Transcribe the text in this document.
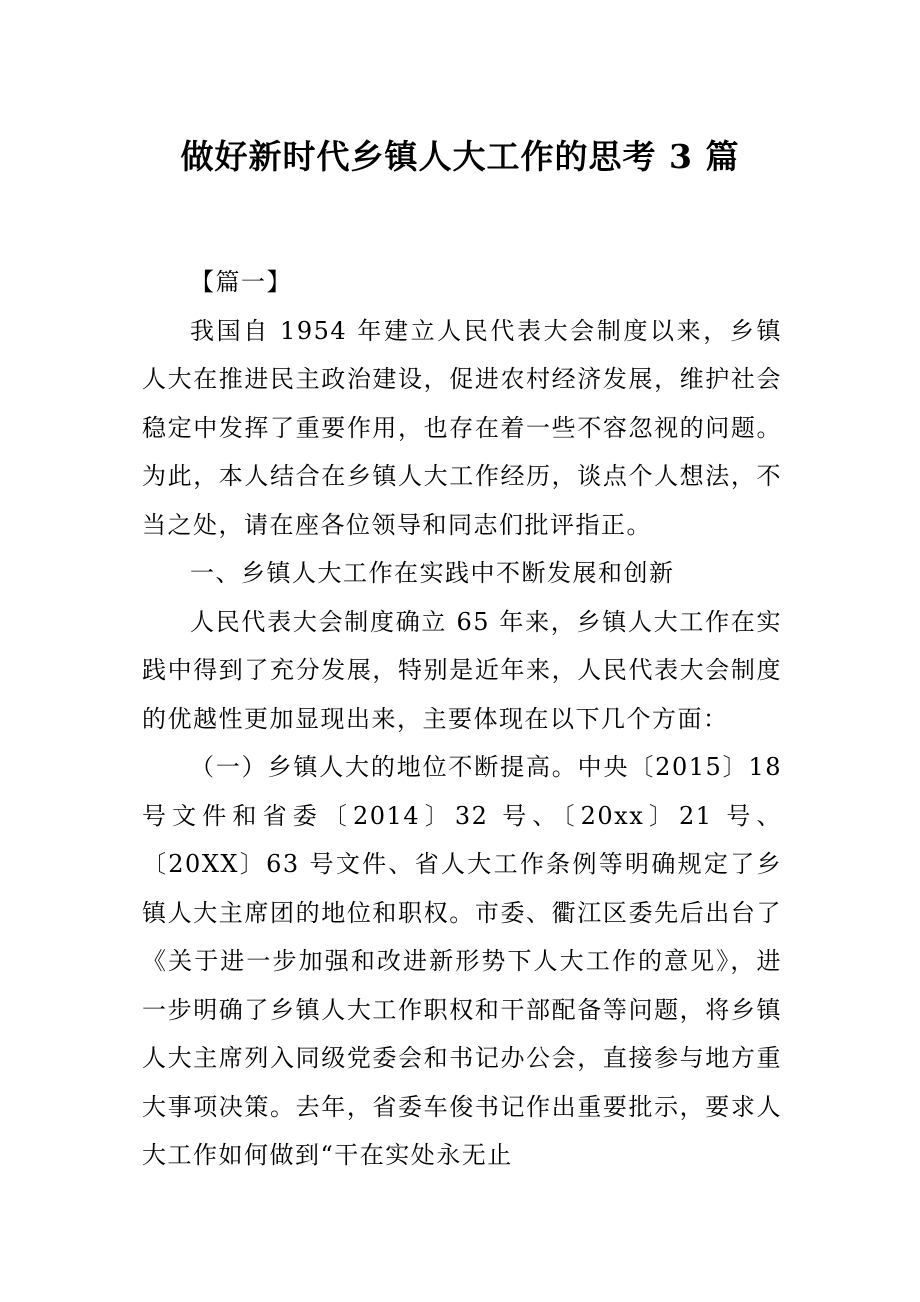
做好新时代乡镇人大工作的思考 3 篇

【篇一】

我国自 1954 年建立人民代表大会制度以来，乡镇人大在推进民主政治建设，促进农村经济发展，维护社会稳定中发挥了重要作用，也存在着一些不容忽视的问题。为此，本人结合在乡镇人大工作经历，谈点个人想法，不当之处，请在座各位领导和同志们批评指正。

一、乡镇人大工作在实践中不断发展和创新

人民代表大会制度确立 65 年来，乡镇人大工作在实践中得到了充分发展，特别是近年来，人民代表大会制度的优越性更加显现出来，主要体现在以下几个方面：

（一）乡镇人大的地位不断提高。中央〔2015〕18 号文件和省委〔2014〕32 号、〔20xx〕21 号、〔20XX〕63 号文件、省人大工作条例等明确规定了乡镇人大主席团的地位和职权。市委、衢江区委先后出台了《关于进一步加强和改进新形势下人大工作的意见》，进一步明确了乡镇人大工作职权和干部配备等问题，将乡镇人大主席列入同级党委会和书记办公会，直接参与地方重大事项决策。去年，省委车俊书记作出重要批示，要求人大工作如何做到“干在实处永无止
